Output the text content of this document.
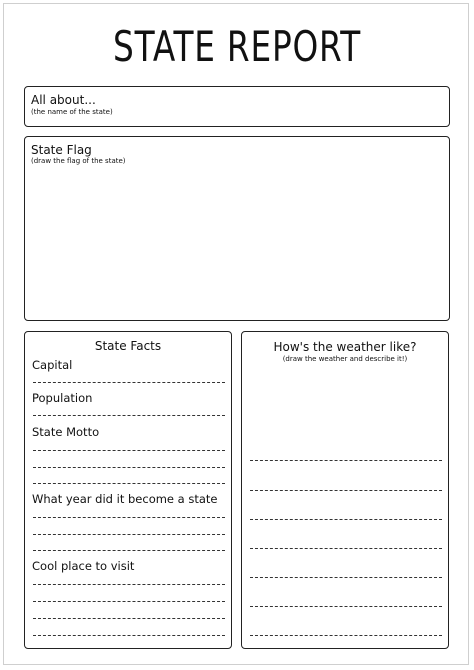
STATE REPORT
All about...
(the name of the state)
State Flag
(draw the flag of the state)
State Facts
Capital
Population
State Motto
What year did it become a state
Cool place to visit
How's the weather like?
(draw the weather and describe it!)
